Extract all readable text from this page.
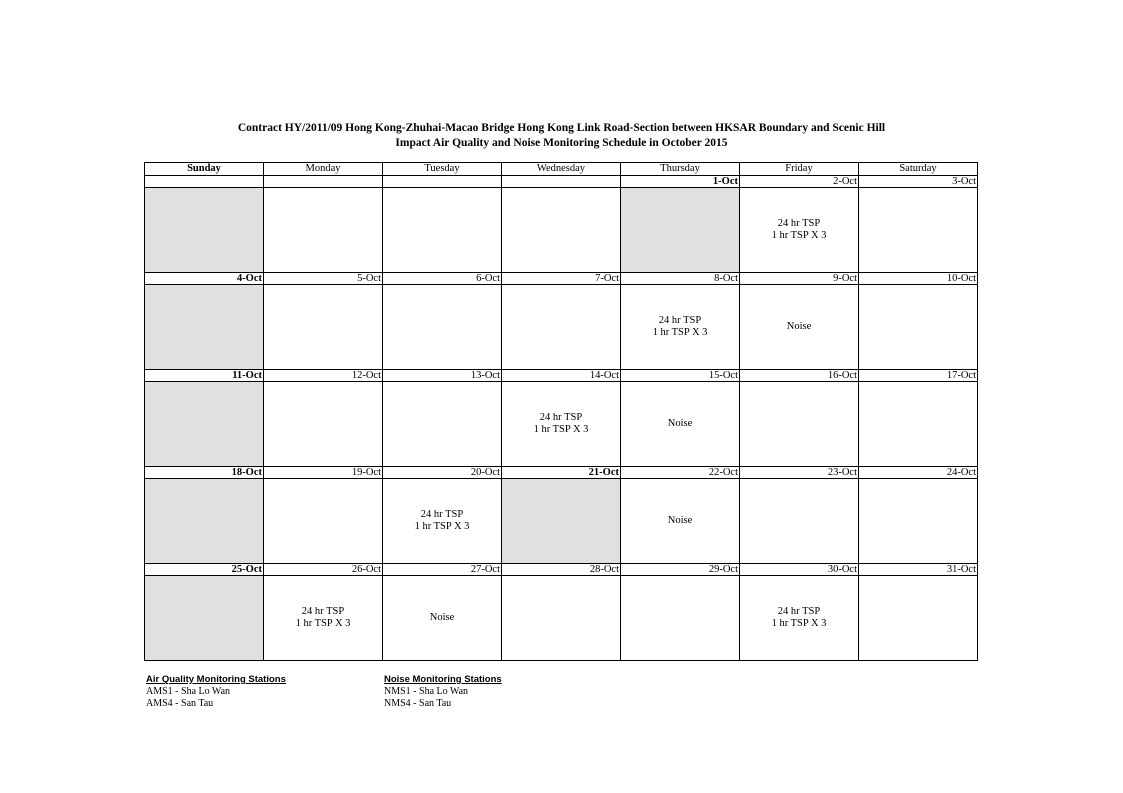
Contract HY/2011/09 Hong Kong-Zhuhai-Macao Bridge Hong Kong Link Road-Section between HKSAR Boundary and Scenic Hill
Impact Air Quality and Noise Monitoring Schedule in October 2015
Sunday	Monday	Tuesday	Wednesday	Thursday	Friday	Saturday
				1-Oct	2-Oct	3-Oct

					24 hr TSP
1 hr TSP X 3	

4-Oct	5-Oct	6-Oct	7-Oct	8-Oct	9-Oct	10-Oct

				24 hr TSP
1 hr TSP X 3	Noise	

11-Oct	12-Oct	13-Oct	14-Oct	15-Oct	16-Oct	17-Oct

			24 hr TSP
1 hr TSP X 3	Noise		

18-Oct	19-Oct	20-Oct	21-Oct	22-Oct	23-Oct	24-Oct

		24 hr TSP
1 hr TSP X 3		Noise		

25-Oct	26-Oct	27-Oct	28-Oct	29-Oct	30-Oct	31-Oct

	24 hr TSP
1 hr TSP X 3	Noise			24 hr TSP
1 hr TSP X 3	

Air Quality Monitoring Stations
AMS1 - Sha Lo Wan
AMS4 - San Tau
Noise Monitoring Stations
NMS1 - Sha Lo Wan
NMS4 - San Tau
